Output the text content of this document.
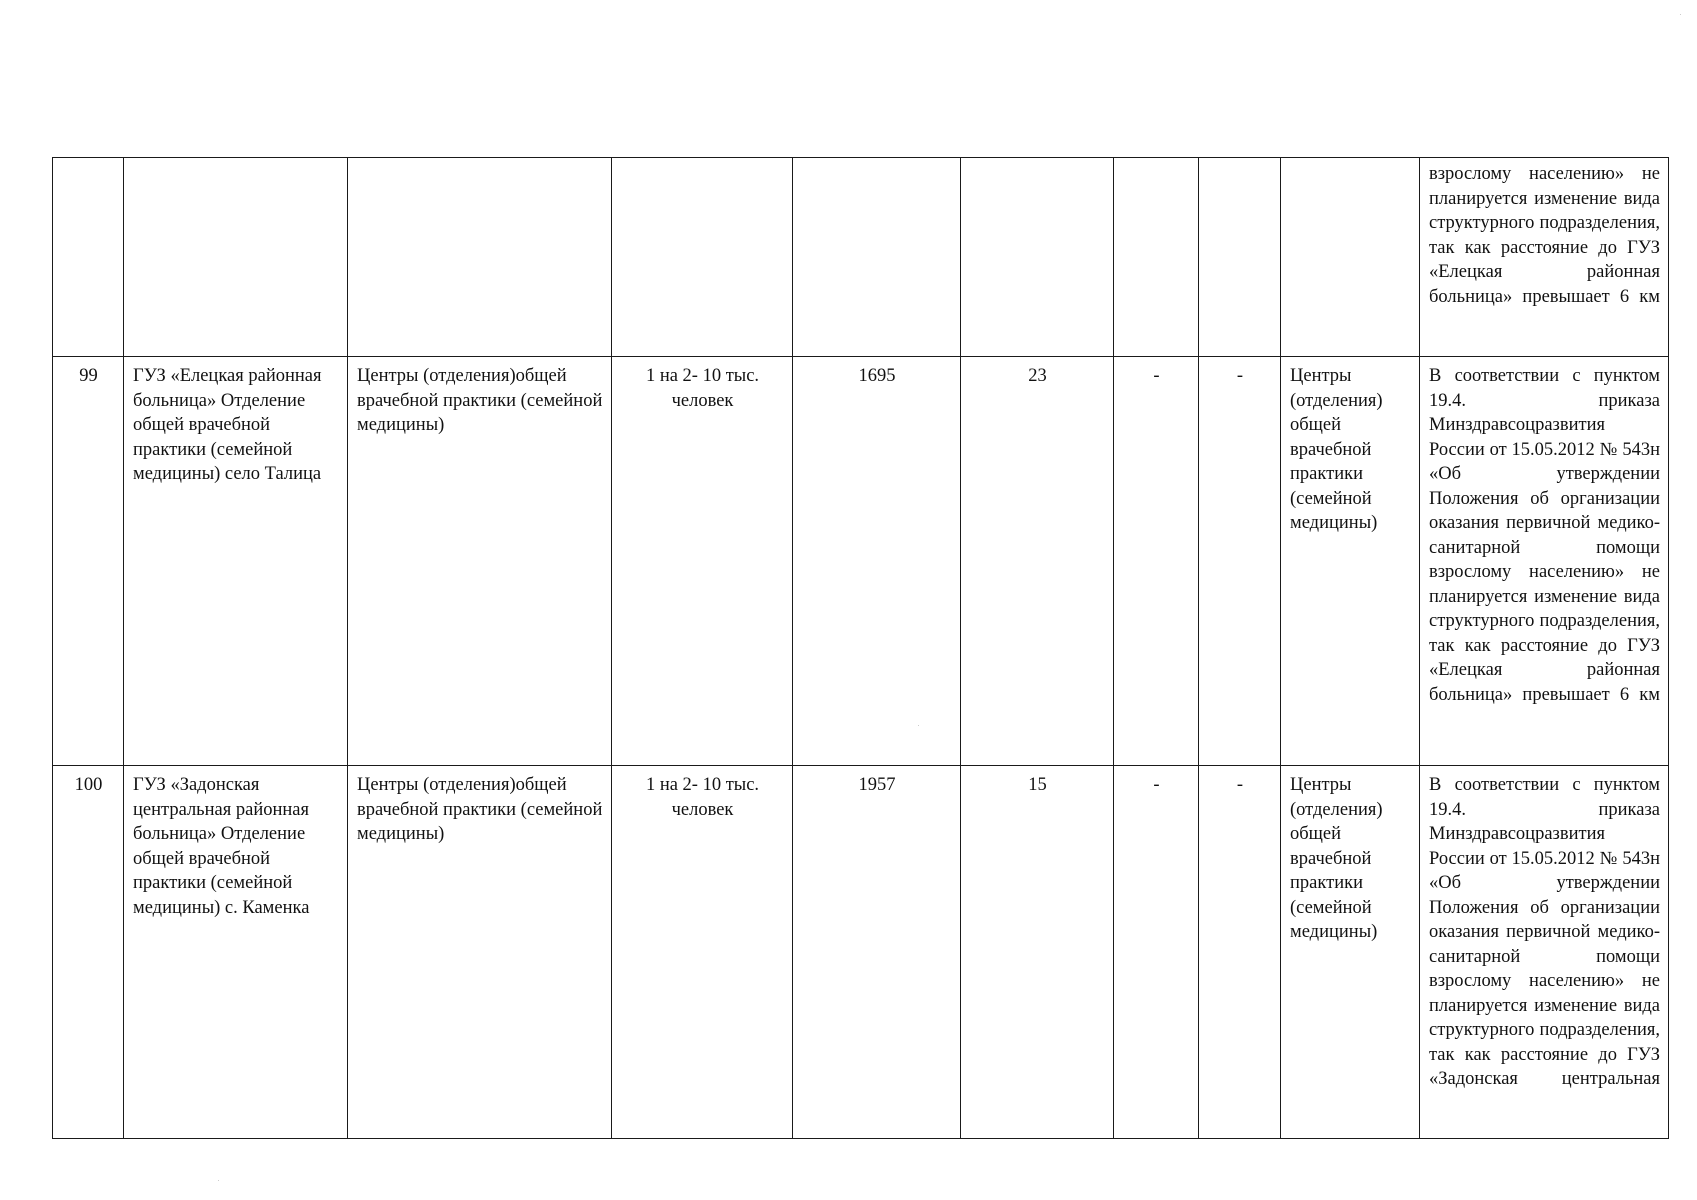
									взрослому населению» не планируется изменение вида структурного подразделения, так как расстояние до ГУЗ «Елецкая районная больница» превышает 6 км
99	ГУЗ «Елецкая районная больница» Отделение общей врачебной практики (семейной медицины) село Талица	Центры (отделения)общей врачебной практики (семейной медицины)	1 на 2- 10 тыс. человек	1695	23	-	-	Центры (отделения) общей врачебной практики (семейной медицины)	В соответствии с пунктом 19.4. приказа Минздравсоцразвития России от 15.05.2012 № 543н «Об утверждении Положения об организации оказания первичной медико-санитарной помощи взрослому населению» не планируется изменение вида структурного подразделения, так как расстояние до ГУЗ «Елецкая районная больница» превышает 6 км
100	ГУЗ «Задонская центральная районная больница» Отделение общей врачебной практики (семейной медицины) с. Каменка	Центры (отделения)общей врачебной практики (семейной медицины)	1 на 2- 10 тыс. человек	1957	15	-	-	Центры (отделения) общей врачебной практики (семейной медицины)	В соответствии с пунктом 19.4. приказа Минздравсоцразвития России от 15.05.2012 № 543н «Об утверждении Положения об организации оказания первичной медико-санитарной помощи взрослому населению» не планируется изменение вида структурного подразделения, так как расстояние до ГУЗ «Задонская центральная
